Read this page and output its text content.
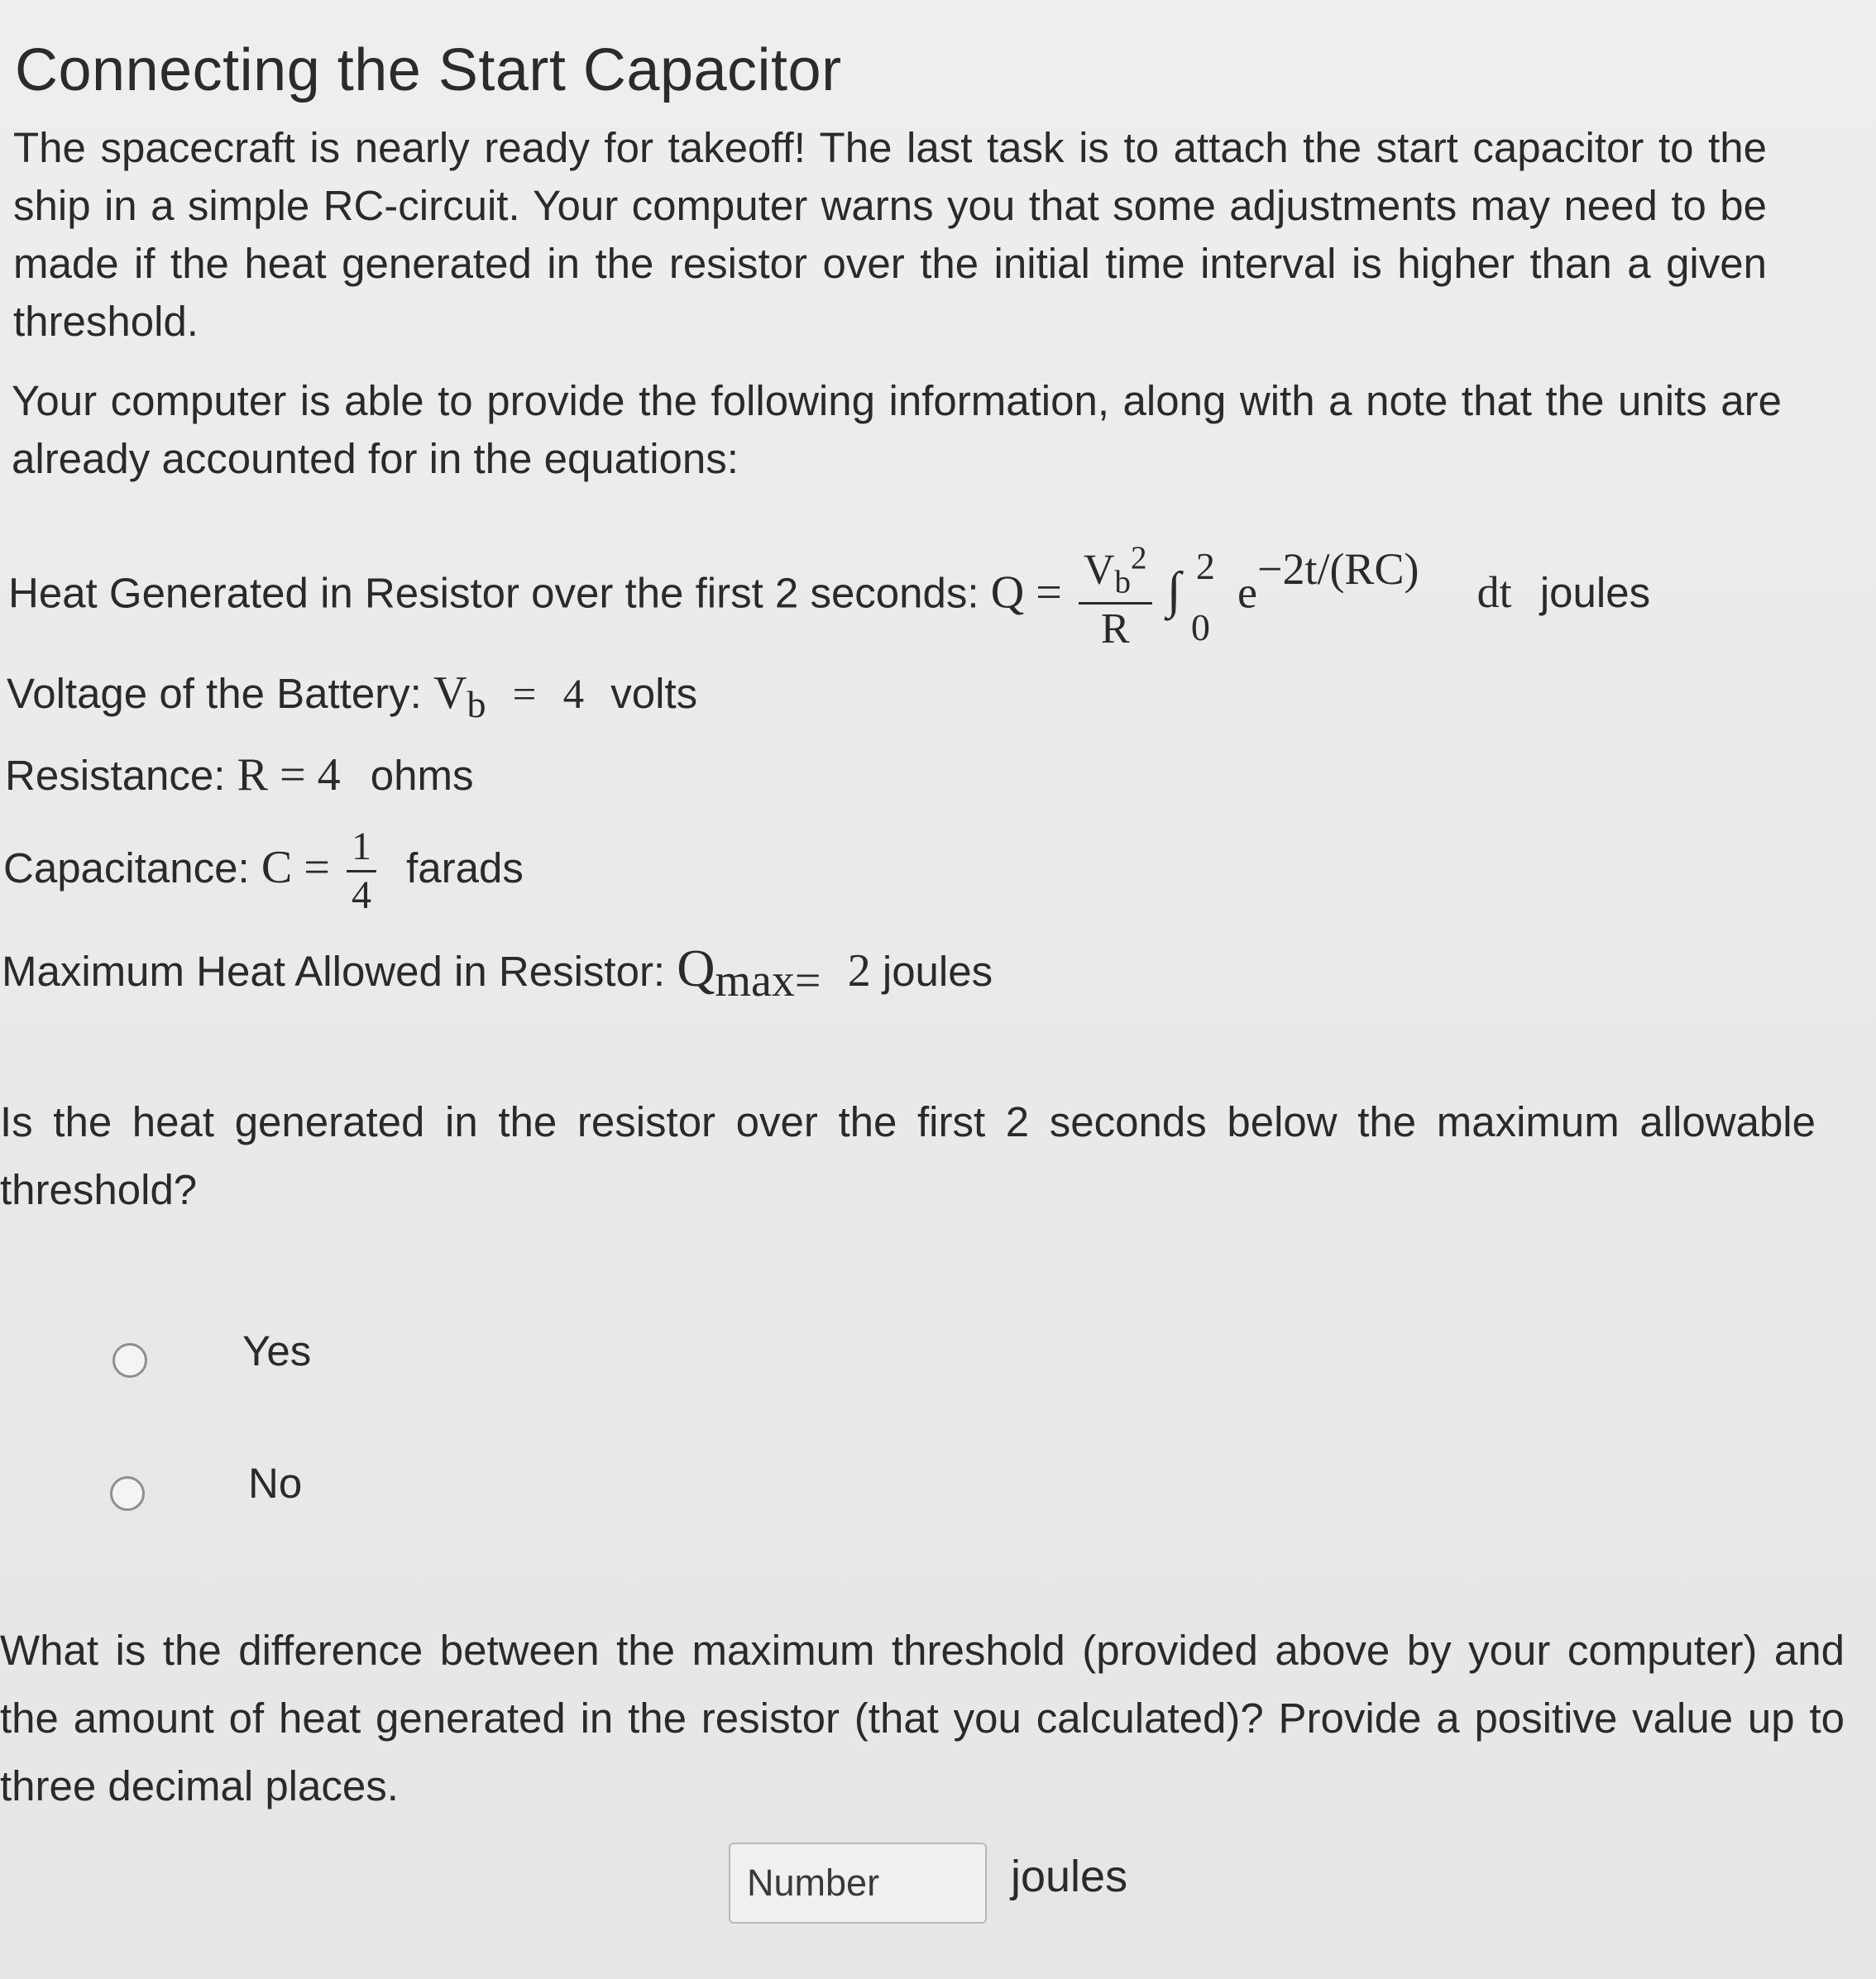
Connecting the Start Capacitor

The spacecraft is nearly ready for takeoff! The last task is to attach the start capacitor to the ship in a simple RC-circuit. Your computer warns you that some adjustments may need to be made if the heat generated in the resistor over the initial time interval is higher than a given threshold.

Your computer is able to provide the following information, along with a note that the units are already accounted for in the equations:

Heat Generated in Resistor over the first 2 seconds: $Q = \frac{V_b^2}{R}$ ∫ 2
0
e−2t/(RC) dt joules
Voltage of the Battery: $V_b = 4$ volts
Resistance: R = 4 ohms
Capacitance: $C = \frac{1}{4}$ farads
Maximum Heat Allowed in Resistor: Qmax= 2 joules

Is the heat generated in the resistor over the first 2 seconds below the maximum allowable threshold?

Yes
No

What is the difference between the maximum threshold (provided above by your computer) and the amount of heat generated in the resistor (that you calculated)? Provide a positive value up to three decimal places.

Number
joules
